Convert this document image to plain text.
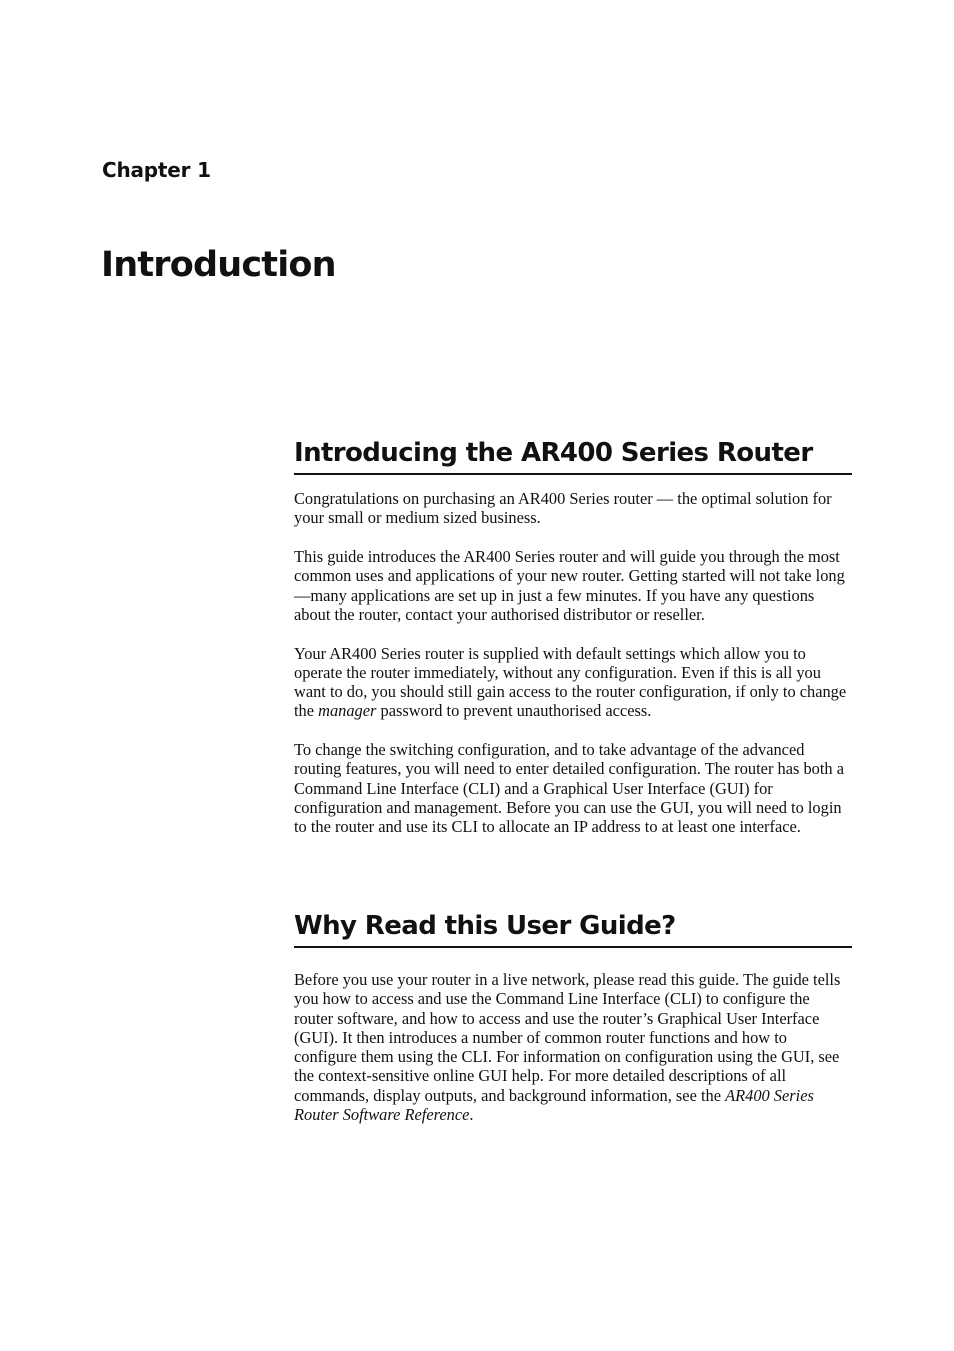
Chapter 1
Introduction
Introducing the AR400 Series Router

Congratulations on purchasing an AR400 Series router — the optimal solution for your small or medium sized business.

This guide introduces the AR400 Series router and will guide you through the most common uses and applications of your new router. Getting started will not take long—many applications are set up in just a few minutes. If you have any questions about the router, contact your authorised distributor or reseller.

Your AR400 Series router is supplied with default settings which allow you to operate the router immediately, without any configuration. Even if this is all you want to do, you should still gain access to the router configuration, if only to change the manager password to prevent unauthorised access.

To change the switching configuration, and to take advantage of the advanced routing features, you will need to enter detailed configuration. The router has both a Command Line Interface (CLI) and a Graphical User Interface (GUI) for configuration and management. Before you can use the GUI, you will need to login to the router and use its CLI to allocate an IP address to at least one interface.

Why Read this User Guide?

Before you use your router in a live network, please read this guide. The guide tells you how to access and use the Command Line Interface (CLI) to configure the router software, and how to access and use the router’s Graphical User Interface (GUI). It then introduces a number of common router functions and how to configure them using the CLI. For information on configuration using the GUI, see the context-sensitive online GUI help. For more detailed descriptions of all commands, display outputs, and background information, see the AR400 Series Router Software Reference.
